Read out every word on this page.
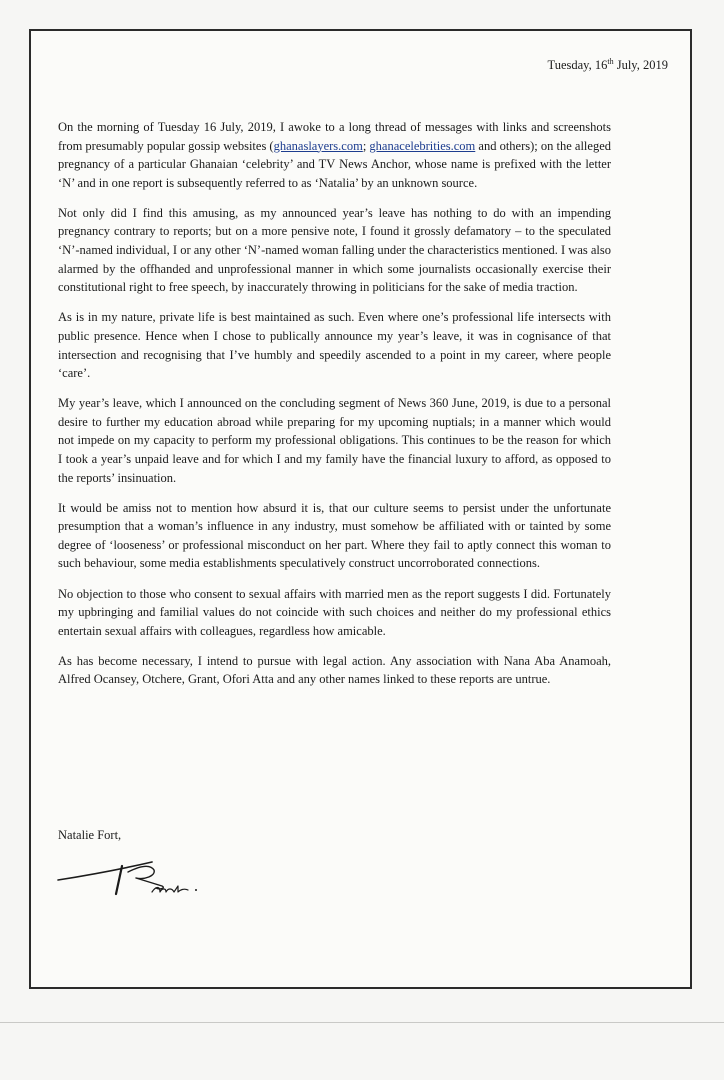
Tuesday, 16th July, 2019

On the morning of Tuesday 16 July, 2019, I awoke to a long thread of messages with links and screenshots from presumably popular gossip websites (ghanaslayers.com; ghanacelebrities.com and others); on the alleged pregnancy of a particular Ghanaian ‘celebrity’ and TV News Anchor, whose name is prefixed with the letter ‘N’ and in one report is subsequently referred to as ‘Natalia’ by an unknown source.

Not only did I find this amusing, as my announced year’s leave has nothing to do with an impending pregnancy contrary to reports; but on a more pensive note, I found it grossly defamatory – to the speculated ‘N’-named individual, I or any other ‘N’-named woman falling under the characteristics mentioned. I was also alarmed by the offhanded and unprofessional manner in which some journalists occasionally exercise their constitutional right to free speech, by inaccurately throwing in politicians for the sake of media traction.

As is in my nature, private life is best maintained as such. Even where one’s professional life intersects with public presence. Hence when I chose to publically announce my year’s leave, it was in cognisance of that intersection and recognising that I’ve humbly and speedily ascended to a point in my career, where people ‘care’.

My year’s leave, which I announced on the concluding segment of News 360 June, 2019, is due to a personal desire to further my education abroad while preparing for my upcoming nuptials; in a manner which would not impede on my capacity to perform my professional obligations. This continues to be the reason for which I took a year’s unpaid leave and for which I and my family have the financial luxury to afford, as opposed to the reports’ insinuation.

It would be amiss not to mention how absurd it is, that our culture seems to persist under the unfortunate presumption that a woman’s influence in any industry, must somehow be affiliated with or tainted by some degree of ‘looseness’ or professional misconduct on her part. Where they fail to aptly connect this woman to such behaviour, some media establishments speculatively construct uncorroborated connections.

No objection to those who consent to sexual affairs with married men as the report suggests I did. Fortunately my upbringing and familial values do not coincide with such choices and neither do my professional ethics entertain sexual affairs with colleagues, regardless how amicable.

As has become necessary, I intend to pursue with legal action. Any association with Nana Aba Anamoah, Alfred Ocansey, Otchere, Grant, Ofori Atta and any other names linked to these reports are untrue.

Natalie Fort,
